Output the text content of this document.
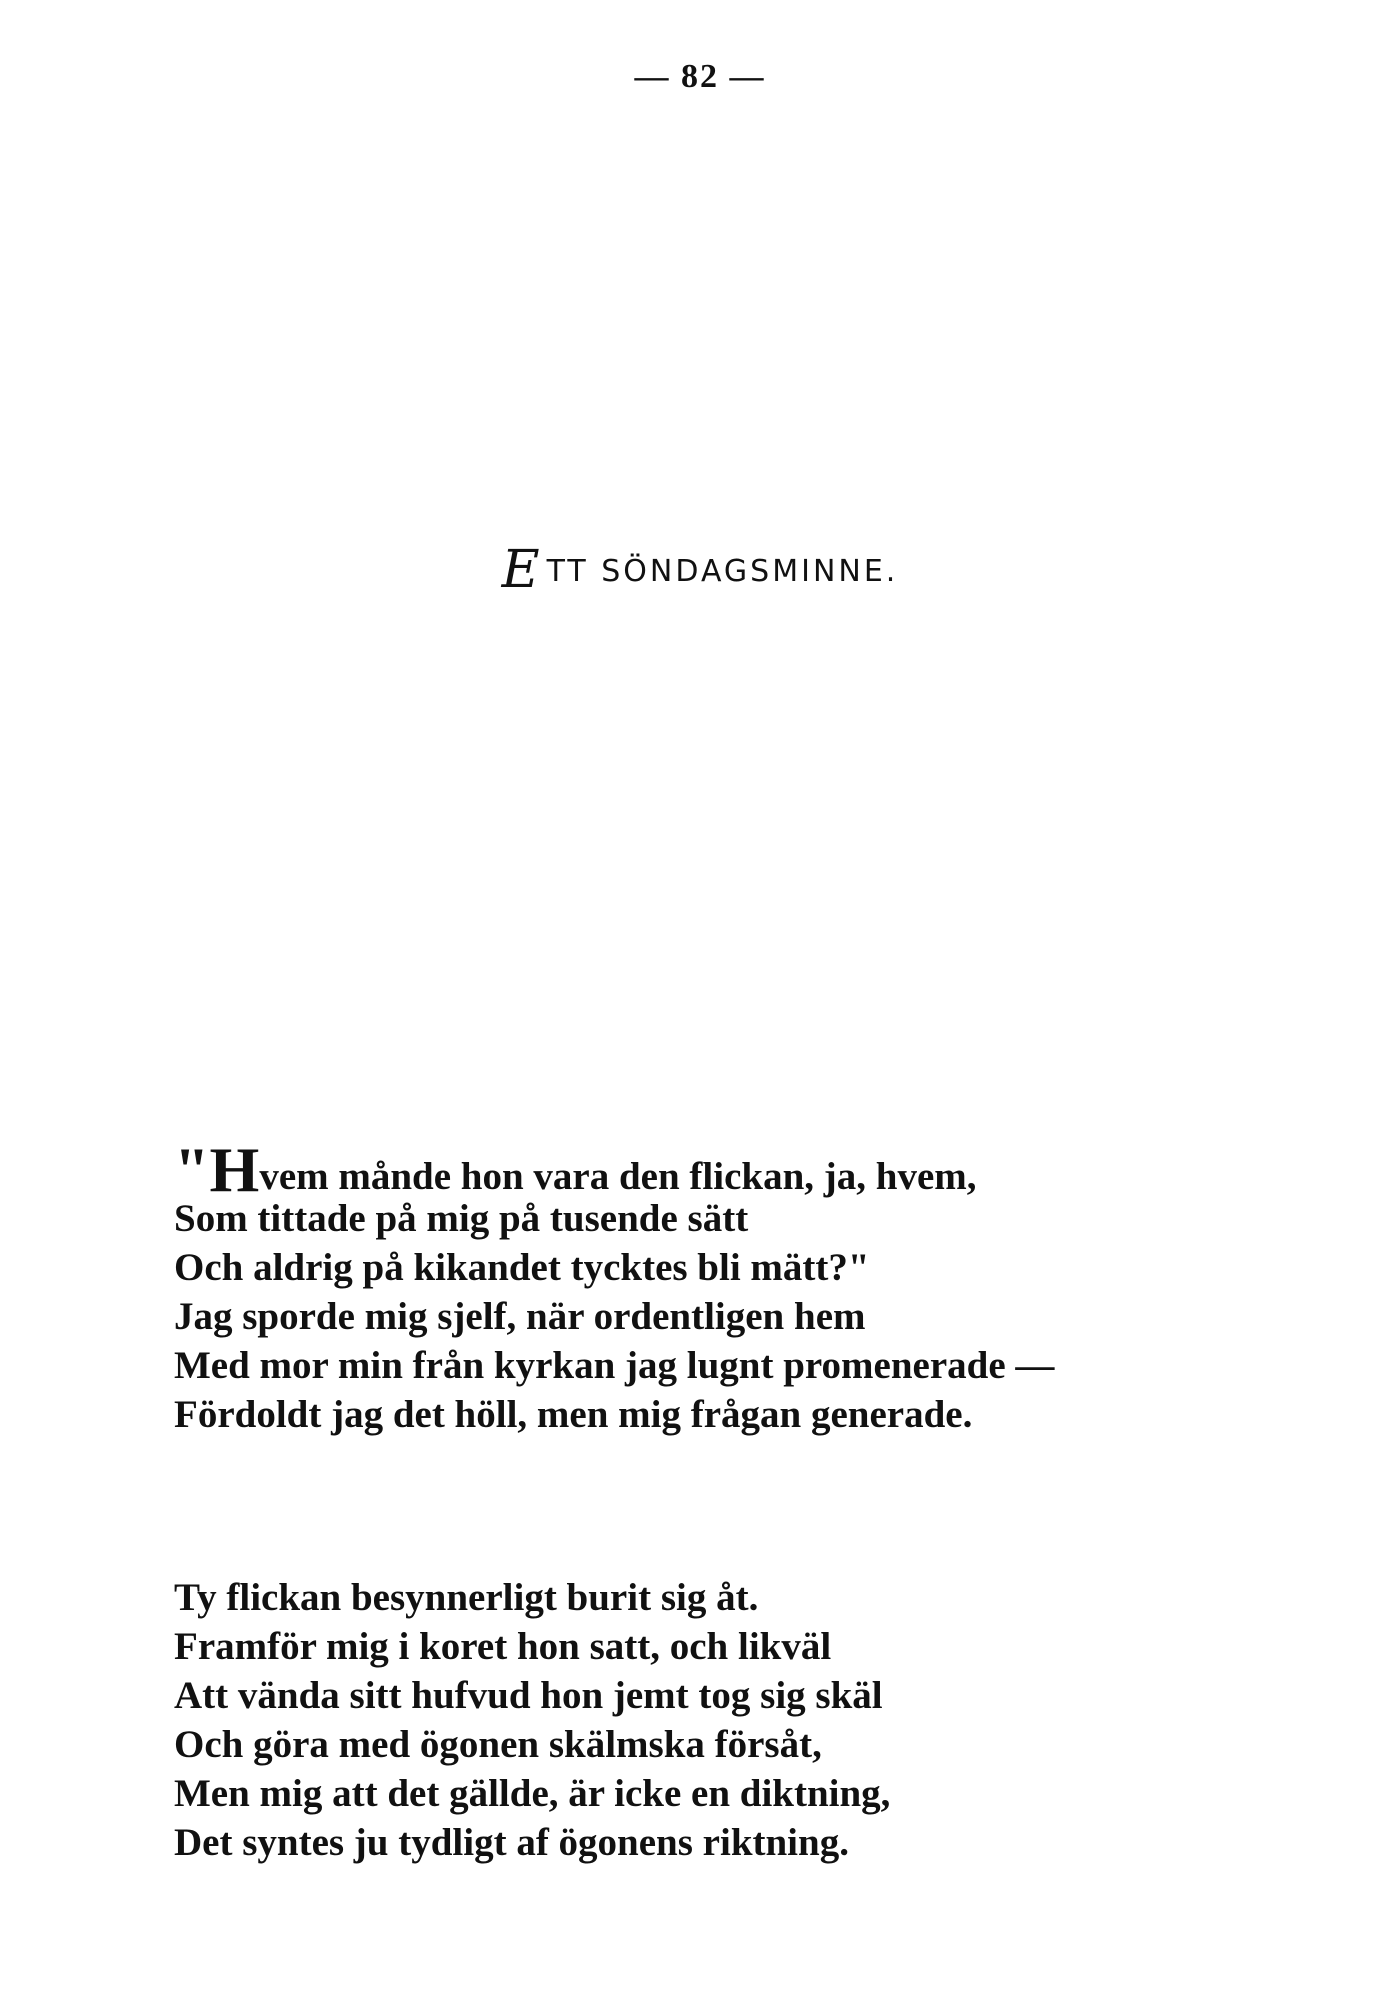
— 82 —
ETT SÖNDAGSMINNE.
"Hvem månde hon vara den flickan, ja, hvem,
Som tittade på mig på tusende sätt
Och aldrig på kikandet tycktes bli mätt?"
Jag sporde mig sjelf, när ordentligen hem
Med mor min från kyrkan jag lugnt promenerade —
Fördoldt jag det höll, men mig frågan generade.
Ty flickan besynnerligt burit sig åt.
Framför mig i koret hon satt, och likväl
Att vända sitt hufvud hon jemt tog sig skäl
Och göra med ögonen skälmska försåt,
Men mig att det gällde, är icke en diktning,
Det syntes ju tydligt af ögonens riktning.
